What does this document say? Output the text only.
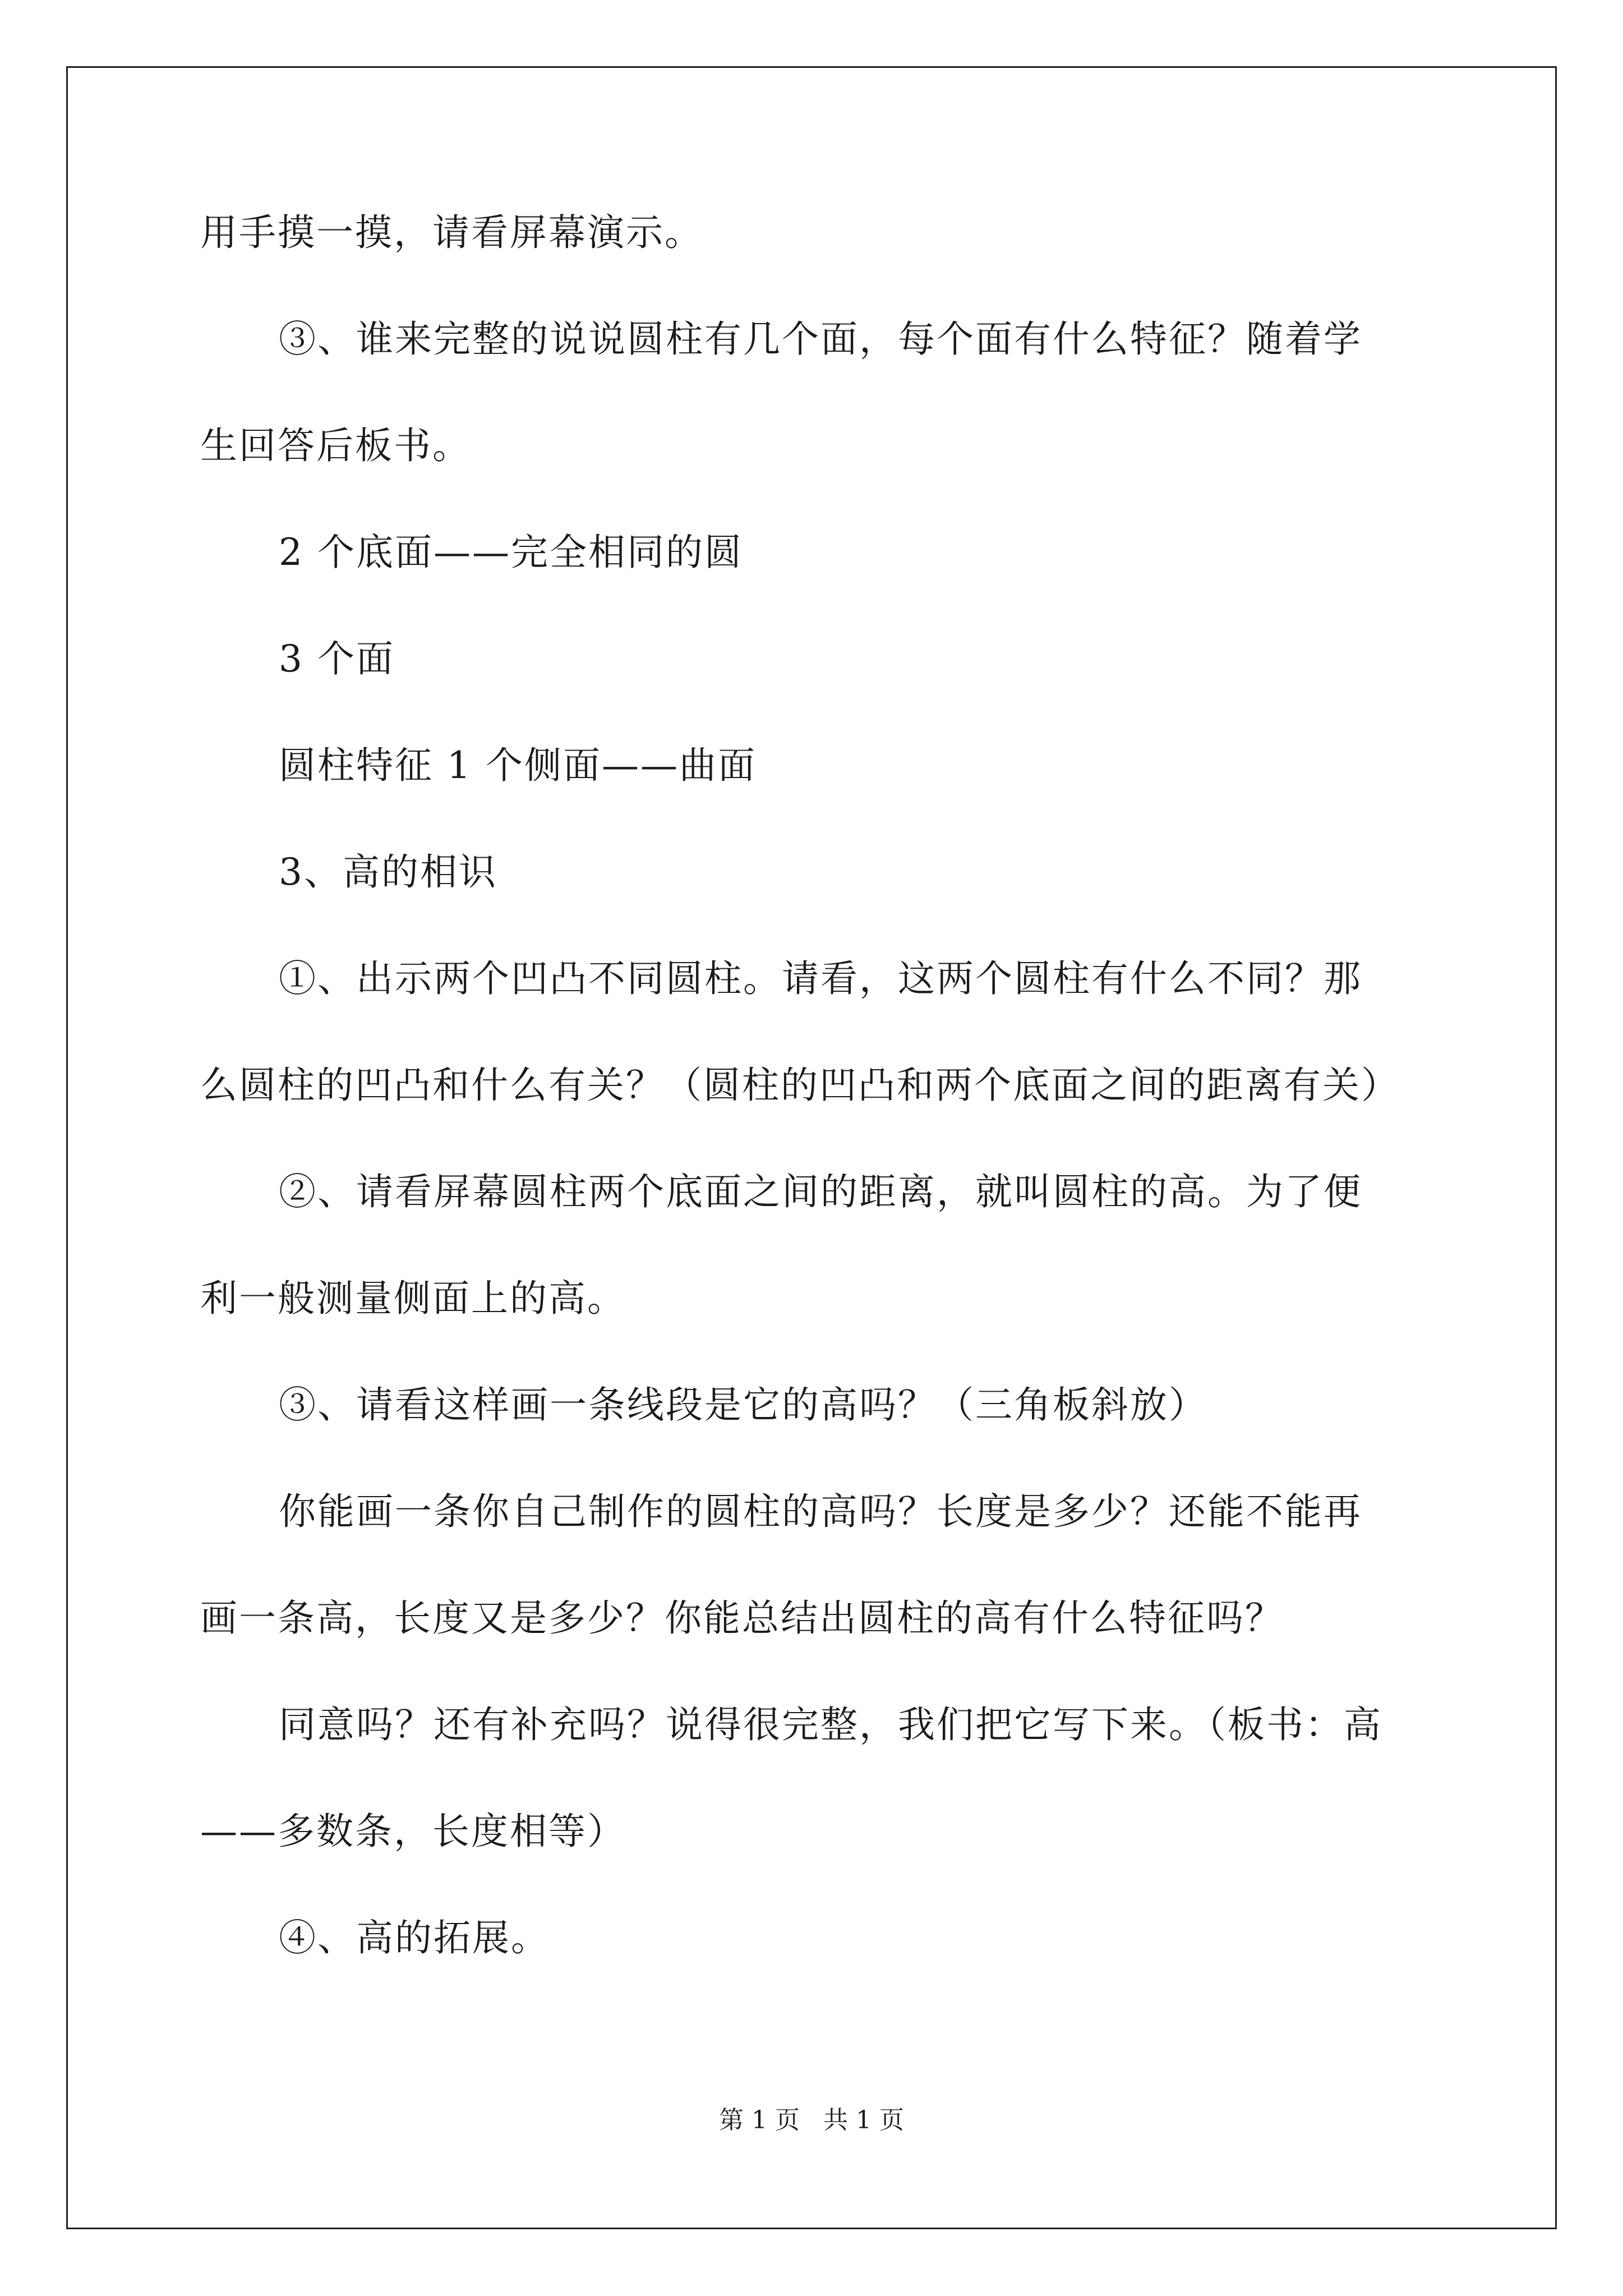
用手摸一摸，请看屏幕演示。
③、谁来完整的说说圆柱有几个面，每个面有什么特征？随着学
生回答后板书。
2 个底面——完全相同的圆
3 个面
圆柱特征 1 个侧面——曲面
3、高的相识
①、出示两个凹凸不同圆柱。请看，这两个圆柱有什么不同？那
么圆柱的凹凸和什么有关？（圆柱的凹凸和两个底面之间的距离有关）
②、请看屏幕圆柱两个底面之间的距离，就叫圆柱的高。为了便
利一般测量侧面上的高。
③、请看这样画一条线段是它的高吗？（三角板斜放）
你能画一条你自己制作的圆柱的高吗？长度是多少？还能不能再
画一条高，长度又是多少？你能总结出圆柱的高有什么特征吗？
同意吗？还有补充吗？说得很完整，我们把它写下来。（板书：高
——多数条，长度相等）
④、高的拓展。
第 1 页   共 1 页
